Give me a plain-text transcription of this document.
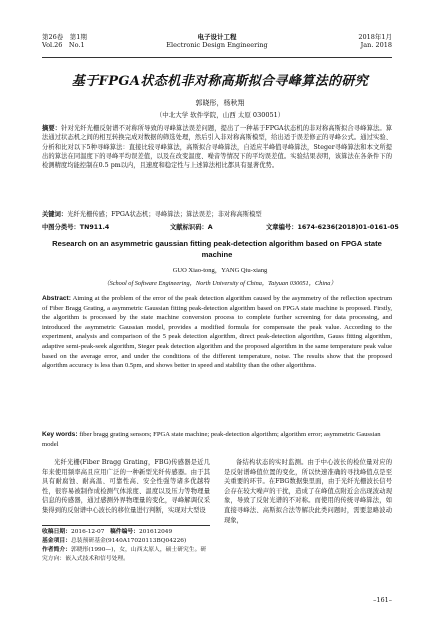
第26卷　第1期
Vol.26　No.1
电子设计工程
Electronic Design Engineering
2018年1月
Jan. 2018
基于FPGA状态机非对称高斯拟合寻峰算法的研究
郭晓彤，杨秋翔
（中北大学 软件学院，山西 太原 030051）
摘要：针对光纤光栅反射谱不对称所导致的寻峰算法误差问题，提出了一种基于FPGA状态机的非对称高斯拟合寻峰算法。算法通过状态机之间的相互转换完成对数据的筛选处理，然后引入非对称高斯模型，给出适于误差修正的寻峰公式。通过实验、分析和比对以下5种寻峰算法：直接比较寻峰算法，高斯拟合寻峰算法，自适应半峰值寻峰算法，Steger寻峰算法和本文所提出的算法在同温度下的寻峰平均误差值，以及在改变温度、噪音等情况下的平均误差值。实验结果表明，该算法在各条件下的检测精度均能控制在0.5 pm以内，且速度和稳定性与上述算法相比都具有显著优势。
关键词：光纤光栅传感；FPGA状态机；寻峰算法；算法误差；非对称高斯模型
中图分类号：TN911.4	文献标识码：A	文章编号：1674-6236(2018)01-0161-05
Research on an asymmetric gaussian fitting peak-detection algorithm based on FPGA state machine
GUO Xiao-tong，YANG Qiu-xiang
（School of Software Engineering，North University of China，Taiyuan 030051，China）
Abstract: Aiming at the problem of the error of the peak detection algorithm caused by the asymmetry of the reflection spectrum of Fiber Bragg Grating, a asymmetric Gaussian fitting peak-detection algorithm based on FPGA state machine is proposed. Firstly, the algorithm is processed by the state machine conversion process to complete further screening for data processing, and introduced the asymmetric Gaussian model, provides a modified formula for compensate the peak value. According to the experiment, analysis and comparison of the 5 peak detection algorithm, direct peak-detection algorithm, Gauss fitting algorithm, adaptive semi-peak-seek algorithm, Steger peak detection algorithm and the proposed algorithm in the same temperature peak value based on the average error, and under the conditions of the different temperature, noise. The results show that the proposed algorithm accuracy is less than 0.5pm, and shows better in speed and stability than the other algorithms.
Key words: fiber bragg grating sensors; FPGA state machine; peak-detection algorithm; algorithm error; asymmetric Gaussian model
光纤光栅(Fiber Bragg Grating，FBG)传感器是近几年来使用频率高且应用广泛的一种新型光纤传感器。由于其具有耐腐蚀、耐高温、可靠性高、安全性强等诸多优越特性，很容易被制作成检测气体浓度、温度以及压力等物理量信息的传感器，通过感测外界物理量的变化，寻峰解调仪采集得到的反射谱中心波长的移位量进行判断，实现对大型设
备结构状态的实时监测。由于中心波长的检位量对应的是反射谱峰值位置的变化，所以快速准确的寻找峰值点是至关重要的环节。在FBG数据集里面，由于光纤光栅波长信号会存在较大噪声的干扰，造成了在峰值点附近会出现波动现象，导致了反射光谱的不对称。而使用的传统寻峰算法，如直接寻峰法、高斯拟合法等解决此类问题时，需要忽略波动现象，
收稿日期：2016-12-07 稿件编号：201612049
基金项目：总装预研基金(9140A17020113BQ04226)
作者简介：郭晓彤(1990—)，女，山西太原人，硕士研究生。研究方向：嵌入式技术和信号处理。
–161–
